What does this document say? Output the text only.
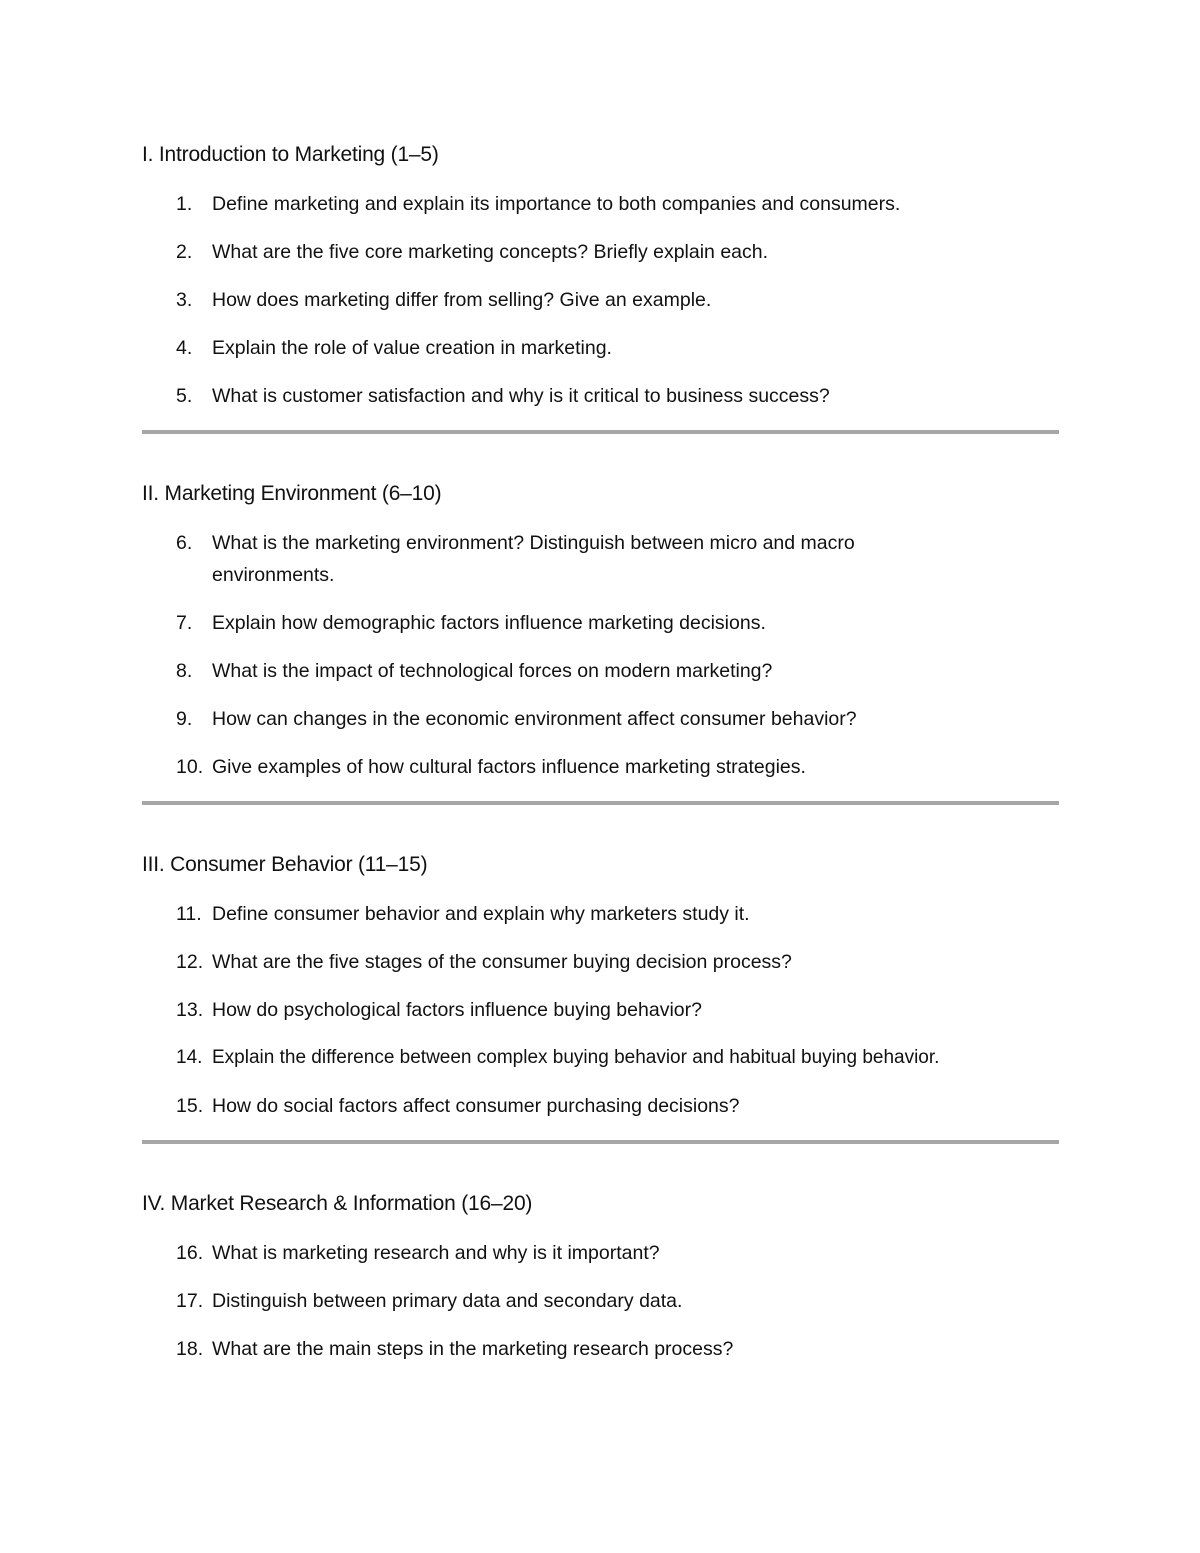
I. Introduction to Marketing (1–5)
1. Define marketing and explain its importance to both companies and consumers.
2. What are the five core marketing concepts? Briefly explain each.
3. How does marketing differ from selling? Give an example.
4. Explain the role of value creation in marketing.
5. What is customer satisfaction and why is it critical to business success?
II. Marketing Environment (6–10)
6. What is the marketing environment? Distinguish between micro and macro environments.
7. Explain how demographic factors influence marketing decisions.
8. What is the impact of technological forces on modern marketing?
9. How can changes in the economic environment affect consumer behavior?
10. Give examples of how cultural factors influence marketing strategies.
III. Consumer Behavior (11–15)
11. Define consumer behavior and explain why marketers study it.
12. What are the five stages of the consumer buying decision process?
13. How do psychological factors influence buying behavior?
14. Explain the difference between complex buying behavior and habitual buying behavior.
15. How do social factors affect consumer purchasing decisions?
IV. Market Research & Information (16–20)
16. What is marketing research and why is it important?
17. Distinguish between primary data and secondary data.
18. What are the main steps in the marketing research process?
